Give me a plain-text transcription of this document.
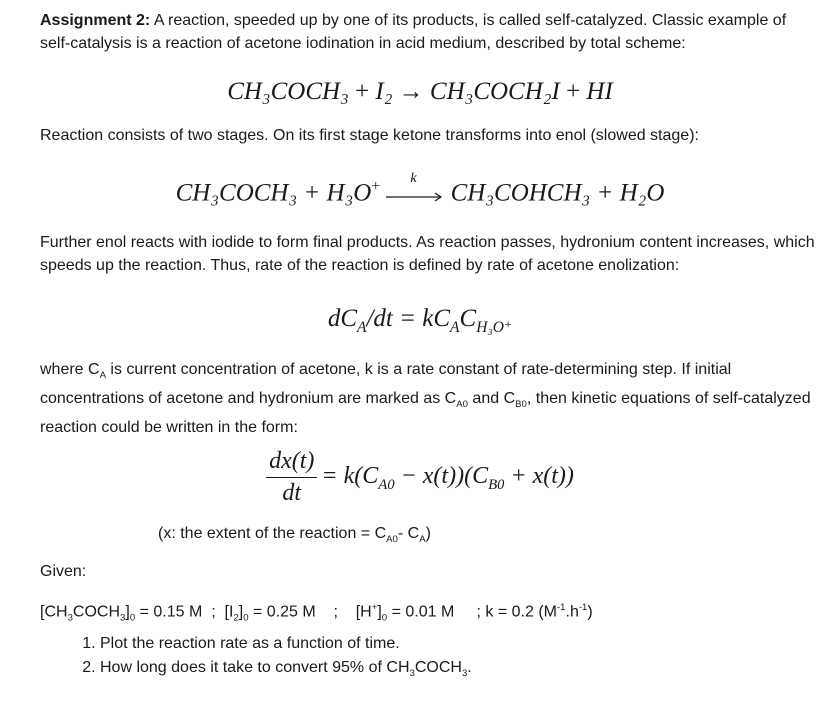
Assignment 2: A reaction, speeded up by one of its products, is called self-catalyzed. Classic example of self-catalysis is a reaction of acetone iodination in acid medium, described by total scheme:

CH₃COCH₃ + I₂ → CH₃COCH₂I + HI

Reaction consists of two stages. On its first stage ketone transforms into enol (slowed stage):

CH₃COCH₃ + H₃O+ k
CH₃COHCH₃ + H₂O

Further enol reacts with iodide to form final products. As reaction passes, hydronium content increases, which speeds up the reaction. Thus, rate of the reaction is defined by rate of acetone enolization:

$dC_A/dt = kC_AC_{H_3O^+}$

where $C_A$ is current concentration of acetone, k is a rate constant of rate-determining step. If initial concentrations of acetone and hydronium are marked as $C_{A0}$ and $C_{B0}$, then kinetic equations of self-catalyzed reaction could be written in the form:

$\frac{dx(t)}{dt} = k(C_{A0} - x(t))(C_{B0} + x(t))$

(x: the extent of the reaction = $C_{A0}-$ $C_A$)

Given:

$[CH_3COCH_3]_0 = 0.15$ M  ;  $[I_2]_0 = 0.25$ M    ;    $[H^+]_0 = 0.01$ M     ; k = 0.2 $(M^{-1}.h^{-1})$

1. Plot the reaction rate as a function of time.
2. How long does it take to convert 95% of $CH_3COCH_3$.
